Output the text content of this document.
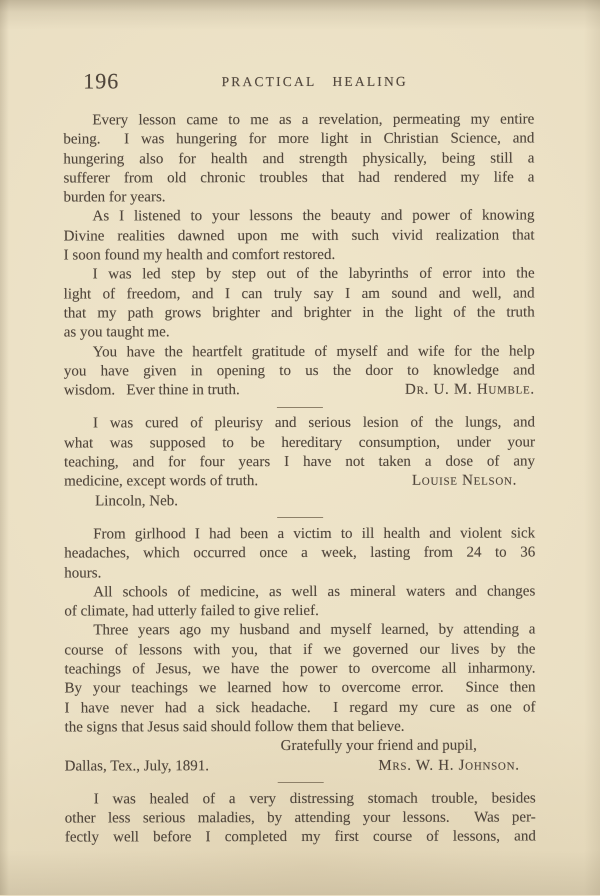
196	PRACTICAL HEALING
Every lesson came to me as a revelation, permeating my entire
being.  I was hungering for more light in Christian Science, and
hungering also for health and strength physically, being still a
sufferer from old chronic troubles that had rendered my life a
burden for years.
As I listened to your lessons the beauty and power of knowing
Divine realities dawned upon me with such vivid realization that
I soon found my health and comfort restored.
I was led step by step out of the labyrinths of error into the
light of freedom, and I can truly say I am sound and well, and
that my path grows brighter and brighter in the light of the truth
as you taught me.
You have the heartfelt gratitude of myself and wife for the help
you have given in opening to us the door to knowledge and
wisdom.   Ever thine in truth.	Dr. U. M. Humble.
I was cured of pleurisy and serious lesion of the lungs, and
what was supposed to be hereditary consumption, under your
teaching, and for four years I have not taken a dose of any
medicine, except words of truth.	Louise Nelson.
Lincoln, Neb.
From girlhood I had been a victim to ill health and violent sick
headaches, which occurred once a week, lasting from 24 to 36
hours.
All schools of medicine, as well as mineral waters and changes
of climate, had utterly failed to give relief.
Three years ago my husband and myself learned, by attending a
course of lessons with you, that if we governed our lives by the
teachings of Jesus, we have the power to overcome all inharmony.
By your teachings we learned how to overcome error.  Since then
I have never had a sick headache.  I regard my cure as one of
the signs that Jesus said should follow them that believe.
Gratefully your friend and pupil,
Dallas, Tex., July, 1891.	Mrs. W. H. Johnson.
I was healed of a very distressing stomach trouble, besides
other less serious maladies, by attending your lessons.  Was per-
fectly well before I completed my first course of lessons, and
